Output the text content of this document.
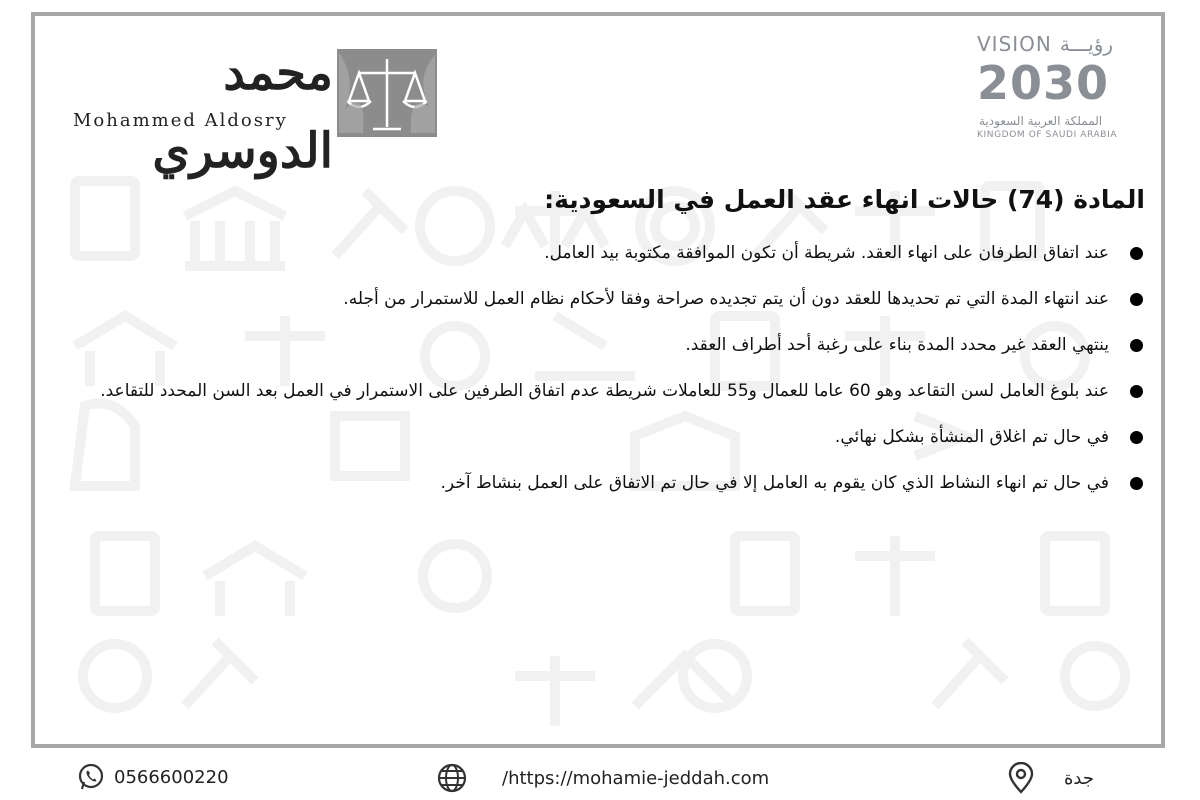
محمد الدوسري
Mohammed Aldosry
VISION رؤيـــة
2030
المملكة العربية السعودية
KINGDOM OF SAUDI ARABIA
المادة (74) حالات انهاء عقد العمل في السعودية:
عند اتفاق الطرفان على انهاء العقد. شريطة أن تكون الموافقة مكتوبة بيد العامل.
عند انتهاء المدة التي تم تحديدها للعقد دون أن يتم تجديده صراحة وفقا لأحكام نظام العمل للاستمرار من أجله.
ينتهي العقد غير محدد المدة بناء على رغبة أحد أطراف العقد.
عند بلوغ العامل لسن التقاعد وهو 60 عاما للعمال و55 للعاملات شريطة عدم اتفاق الطرفين على الاستمرار في العمل بعد السن المحدد للتقاعد.
في حال تم اغلاق المنشأة بشكل نهائي.
في حال تم انهاء النشاط الذي كان يقوم به العامل إلا في حال تم الاتفاق على العمل بنشاط آخر.
0566600220	/https://mohamie-jeddah.com	جدة
